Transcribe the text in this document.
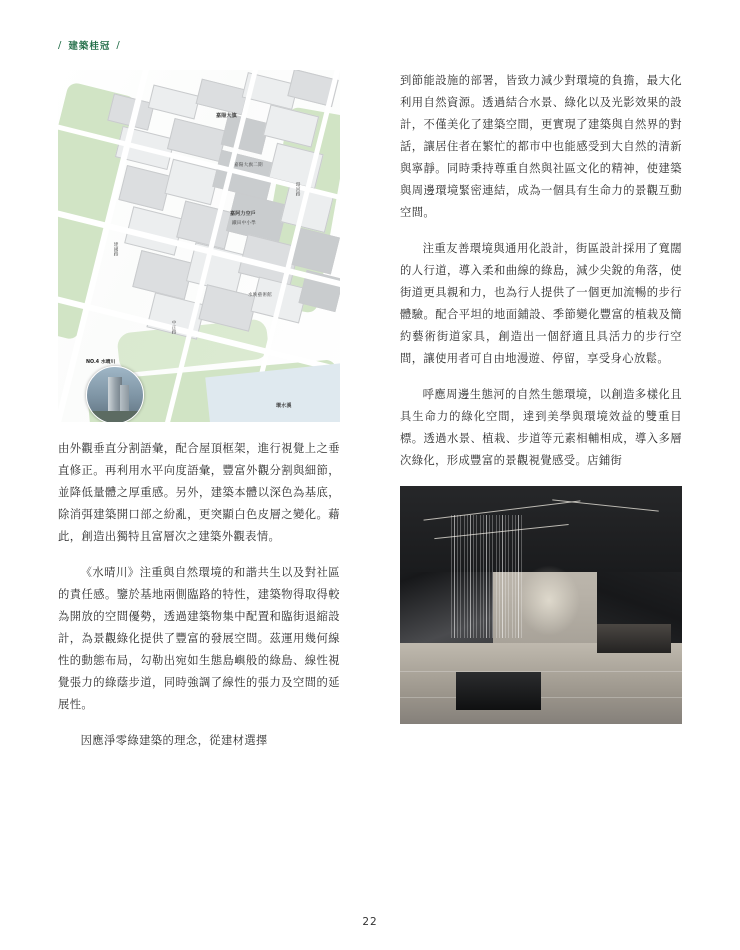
/ 建築桂冠 /
嘉陽大旗
嘉陽大旗二期
嘉阿力空戶
鐵田中小學
水映藝術館
建國路
中正路
環河路
環水溪
NO.4 水晴川

由外觀垂直分割語彙，配合屋頂框架，進行視覺上之垂直修正。再利用水平向度語彙，豐富外觀分割與細節，並降低量體之厚重感。另外，建築本體以深色為基底，除消弭建築開口部之紛亂，更突顯白色皮層之變化。藉此，創造出獨特且富層次之建築外觀表情。

《水晴川》注重與自然環境的和諧共生以及對社區的責任感。鑒於基地兩側臨路的特性，建築物得取得較為開放的空間優勢，透過建築物集中配置和臨街退縮設計，為景觀綠化提供了豐富的發展空間。茲運用幾何線性的動態布局，勾勒出宛如生態島嶼般的綠島、線性視覺張力的綠蔭步道，同時強調了線性的張力及空間的延展性。

因應淨零綠建築的理念，從建材選擇

到節能設施的部署，皆致力減少對環境的負擔，最大化利用自然資源。透過結合水景、綠化以及光影效果的設計，不僅美化了建築空間，更實現了建築與自然界的對話，讓居住者在繁忙的都市中也能感受到大自然的清新與寧靜。同時秉持尊重自然與社區文化的精神，使建築與周邊環境緊密連結，成為一個具有生命力的景觀互動空間。

注重友善環境與通用化設計，街區設計採用了寬闊的人行道，導入柔和曲線的綠島，減少尖銳的角落，使街道更具親和力，也為行人提供了一個更加流暢的步行體驗。配合平坦的地面鋪設、季節變化豐富的植栽及簡約藝術街道家具，創造出一個舒適且具活力的步行空間，讓使用者可自由地漫遊、停留，享受身心放鬆。

呼應周邊生態河的自然生態環境，以創造多樣化且具生命力的綠化空間，達到美學與環境效益的雙重目標。透過水景、植栽、步道等元素相輔相成，導入多層次綠化，形成豐富的景觀視覺感受。店鋪街

22
